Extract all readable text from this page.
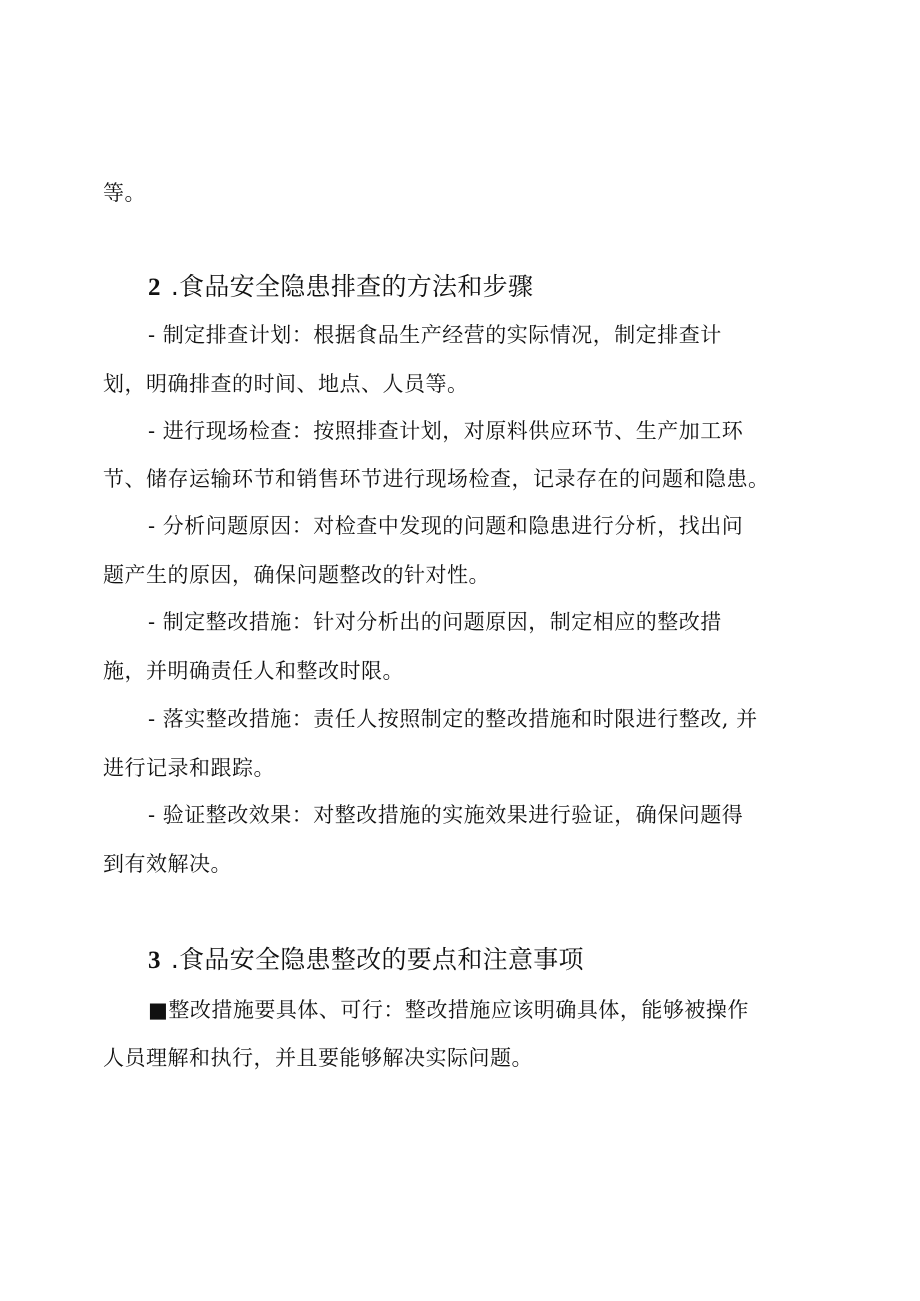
等。
2 .食品安全隐患排查的方法和步骤
- 制定排查计划：根据食品生产经营的实际情况，制定排查计
划，明确排查的时间、地点、人员等。
- 进行现场检查：按照排查计划，对原料供应环节、生产加工环
节、储存运输环节和销售环节进行现场检查，记录存在的问题和隐患。
- 分析问题原因：对检查中发现的问题和隐患进行分析，找出问
题产生的原因，确保问题整改的针对性。
- 制定整改措施：针对分析出的问题原因，制定相应的整改措
施，并明确责任人和整改时限。
- 落实整改措施：责任人按照制定的整改措施和时限进行整改, 并
进行记录和跟踪。
- 验证整改效果：对整改措施的实施效果进行验证，确保问题得
到有效解决。
3 .食品安全隐患整改的要点和注意事项
■整改措施要具体、可行：整改措施应该明确具体，能够被操作
人员理解和执行，并且要能够解决实际问题。
